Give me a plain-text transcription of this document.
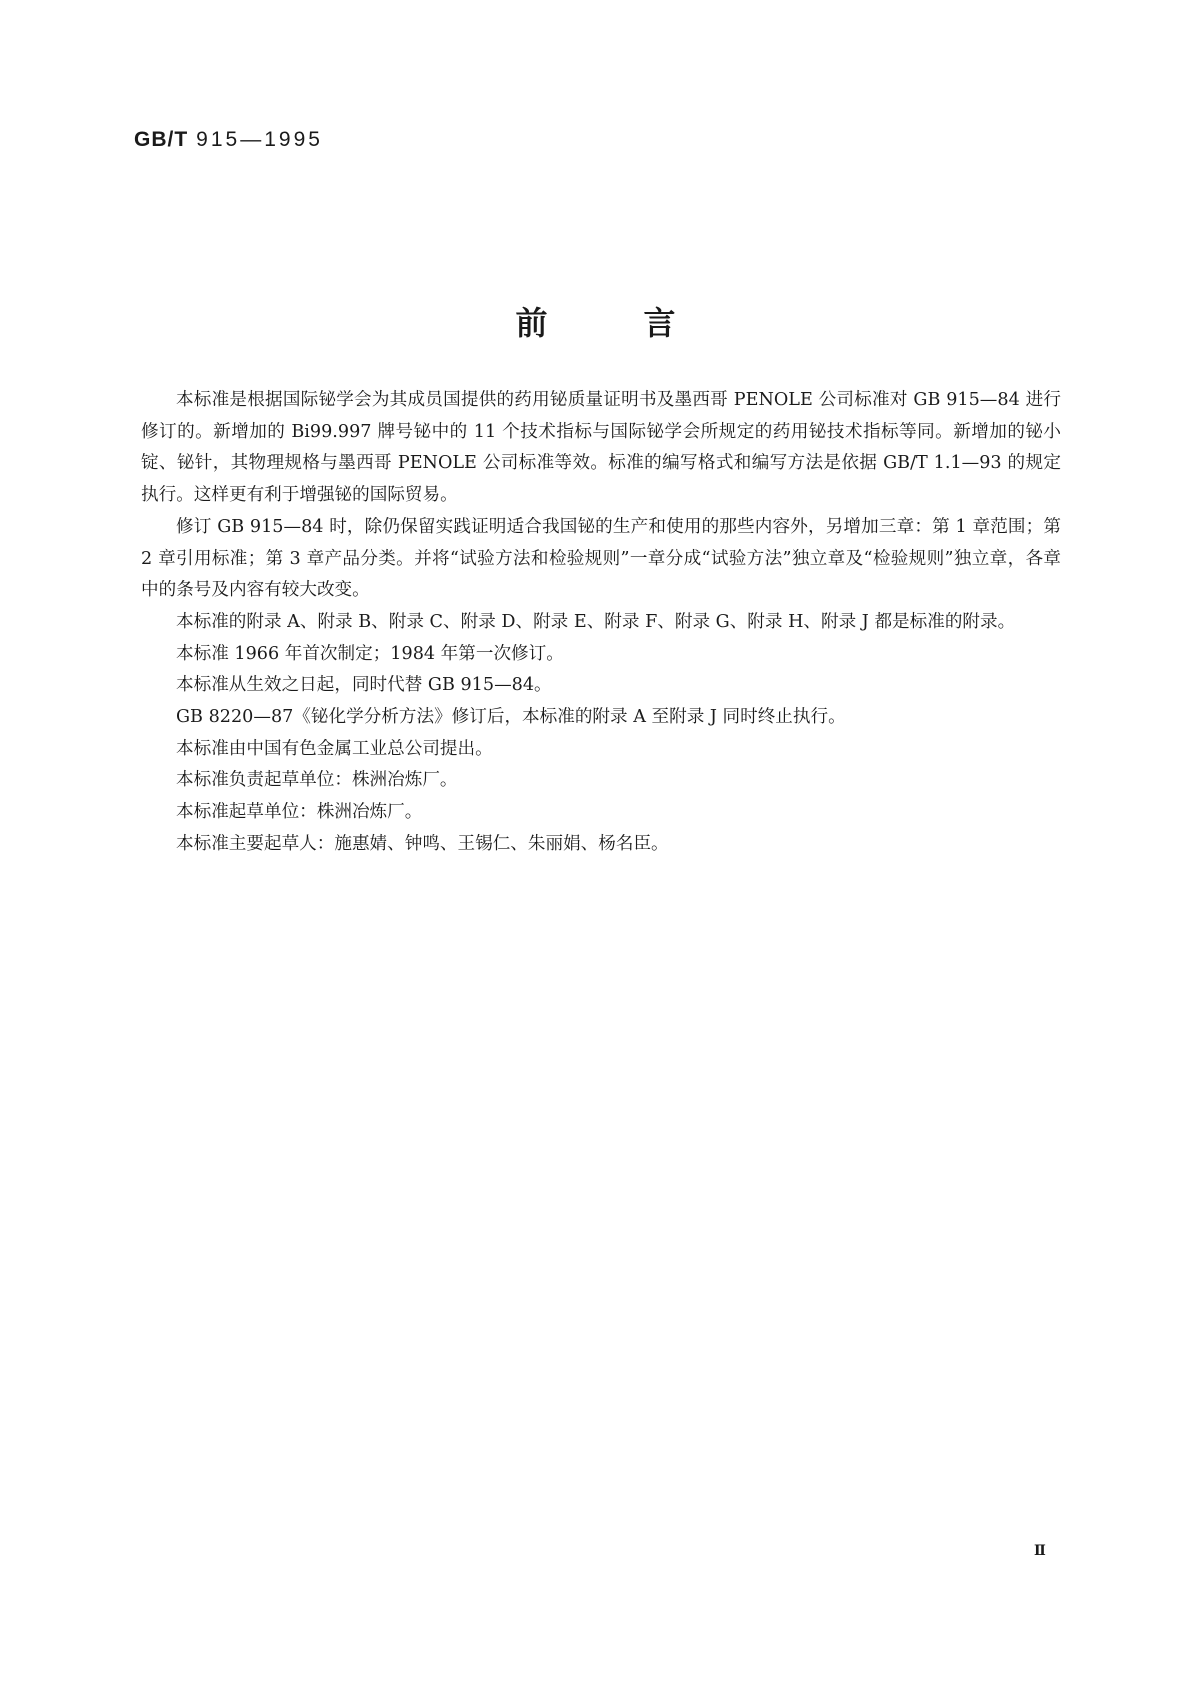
GB/T 915—1995
前	言

本标准是根据国际铋学会为其成员国提供的药用铋质量证明书及墨西哥 PENOLE 公司标准对 GB 915—84 进行修订的。新增加的 Bi99.997 牌号铋中的 11 个技术指标与国际铋学会所规定的药用铋技术指标等同。新增加的铋小锭、铋针，其物理规格与墨西哥 PENOLE 公司标准等效。标准的编写格式和编写方法是依据 GB/T 1.1—93 的规定执行。这样更有利于增强铋的国际贸易。

修订 GB 915—84 时，除仍保留实践证明适合我国铋的生产和使用的那些内容外，另增加三章：第 1 章范围；第 2 章引用标准；第 3 章产品分类。并将“试验方法和检验规则”一章分成“试验方法”独立章及“检验规则”独立章，各章中的条号及内容有较大改变。

本标准的附录 A、附录 B、附录 C、附录 D、附录 E、附录 F、附录 G、附录 H、附录 J 都是标准的附录。

本标准 1966 年首次制定；1984 年第一次修订。

本标准从生效之日起，同时代替 GB 915—84。

GB 8220—87《铋化学分析方法》修订后，本标准的附录 A 至附录 J 同时终止执行。

本标准由中国有色金属工业总公司提出。

本标准负责起草单位：株洲冶炼厂。

本标准起草单位：株洲冶炼厂。

本标准主要起草人：施惠婧、钟鸣、王锡仁、朱丽娟、杨名臣。

Ⅱ
